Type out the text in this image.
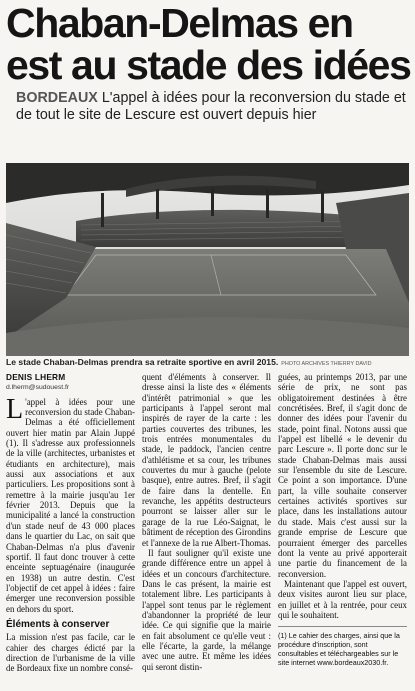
Chaban-Delmas en
est au stade des idées
BORDEAUX L'appel à idées pour la reconversion du stade et de tout le site de Lescure est ouvert depuis hier
Le stade Chaban-Delmas prendra sa retraite sportive en avril 2015. PHOTO ARCHIVES THIERRY DAVID
DENIS LHERM
d.lherm@sudouest.fr

L 'appel à idées pour une reconversion du stade Chaban-Delmas a été officiellement ouvert hier matin par Alain Juppé (1). Il s'adresse aux professionnels de la ville (architectes, urbanistes et étudiants en architecture), mais aussi aux associations et aux particuliers. Les propositions sont à remettre à la mairie jusqu'au 1er février 2013. Depuis que la municipalité a lancé la construction d'un stade neuf de 43 000 places dans le quartier du Lac, on sait que Chaban-Delmas n'a plus d'avenir sportif. Il faut donc trouver à cette enceinte septuagénaire (inaugurée en 1938) un autre destin. C'est l'objectif de cet appel à idées : faire émerger une reconversion possible en dehors du sport.

Éléments à conserver

La mission n'est pas facile, car le cahier des charges édicté par la direction de l'urbanisme de la ville de Bordeaux fixe un nombre consé-

quent d'éléments à conserver. Il dresse ainsi la liste des « éléments d'intérêt patrimonial » que les participants à l'appel seront mal inspirés de rayer de la carte : les parties couvertes des tribunes, les trois entrées monumentales du stade, le paddock, l'ancien centre d'athlétisme et sa cour, les tribunes couvertes du mur à gauche (pelote basque), entre autres. Bref, il s'agit de faire dans la dentelle. En revanche, les appétits destructeurs pourront se laisser aller sur le garage de la rue Léo-Saignat, le bâtiment de réception des Girondins et l'annexe de la rue Albert-Thomas.

Il faut souligner qu'il existe une grande différence entre un appel à idées et un concours d'architecture. Dans le cas présent, la mairie est totalement libre. Les participants à l'appel sont tenus par le règlement d'abandonner la propriété de leur idée. Ce qui signifie que la mairie en fait absolument ce qu'elle veut : elle l'écarte, la garde, la mélange avec une autre. Et même les idées qui seront distin-

guées, au printemps 2013, par une série de prix, ne sont pas obligatoirement destinées à être concrétisées. Bref, il s'agit donc de donner des idées pour l'avenir du stade, point final. Notons aussi que l'appel est libellé « le devenir du parc Lescure ». Il porte donc sur le stade Chaban-Delmas mais aussi sur l'ensemble du site de Lescure. Ce point a son importance. D'une part, la ville souhaite conserver certaines activités sportives sur place, dans les installations autour du stade. Mais c'est aussi sur la grande emprise de Lescure que pourraient émerger des parcelles dont la vente au privé apporterait une partie du financement de la reconversion.

Maintenant que l'appel est ouvert, deux visites auront lieu sur place, en juillet et à la rentrée, pour ceux qui le souhaitent.

(1) Le cahier des charges, ainsi que la procédure d'inscription, sont consultables et téléchargeables sur le site internet www.bordeaux2030.fr.
